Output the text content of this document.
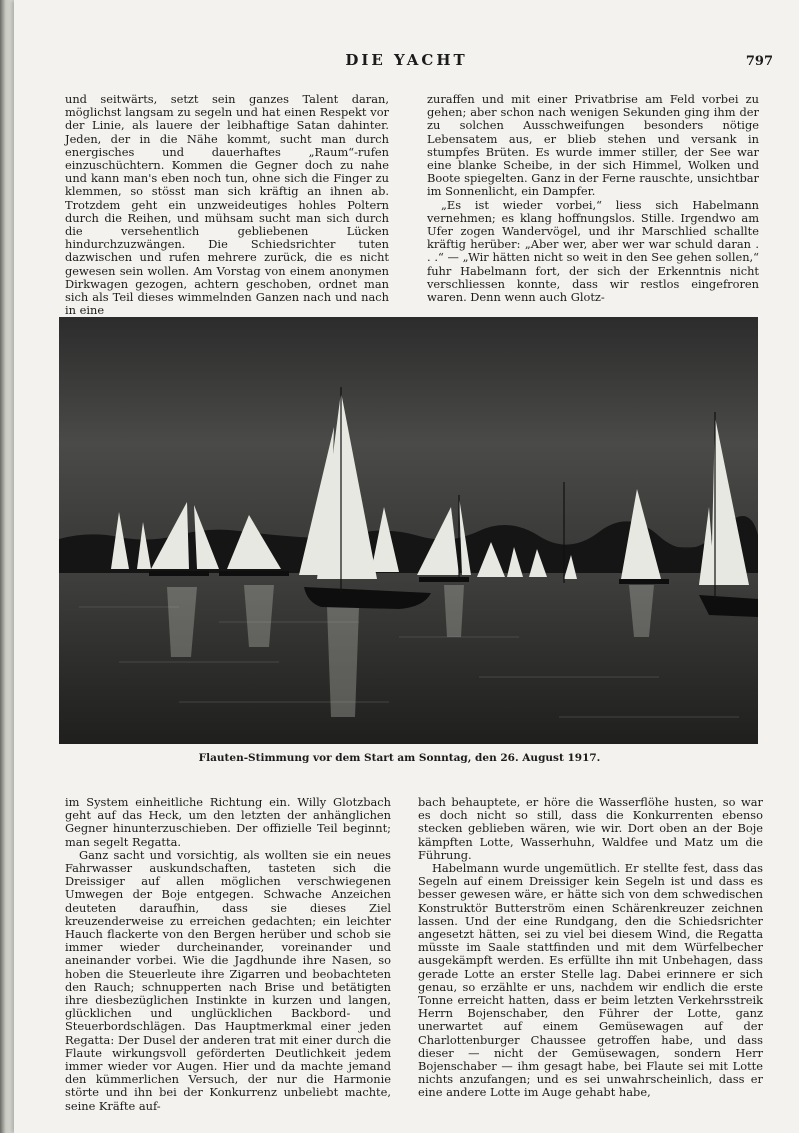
DIE YACHT	797

und seitwärts, setzt sein ganzes Talent daran, möglichst langsam zu segeln und hat einen Respekt vor der Linie, als lauere der leibhaftige Satan dahinter. Jeden, der in die Nähe kommt, sucht man durch energisches und dauerhaftes „Raum“-rufen einzuschüchtern. Kommen die Gegner doch zu nahe und kann man's eben noch tun, ohne sich die Finger zu klemmen, so stösst man sich kräftig an ihnen ab. Trotzdem geht ein unzweideutiges hohles Poltern durch die Reihen, und mühsam sucht man sich durch die versehentlich gebliebenen Lücken hindurchzuzwängen. Die Schiedsrichter tuten dazwischen und rufen mehrere zurück, die es nicht gewesen sein wollen. Am Vorstag von einem anonymen Dirkwagen gezogen, achtern geschoben, ordnet man sich als Teil dieses wimmelnden Ganzen nach und nach in eine

zuraffen und mit einer Privatbrise am Feld vorbei zu gehen; aber schon nach wenigen Sekunden ging ihm der zu solchen Ausschweifungen besonders nötige Lebensatem aus, er blieb stehen und versank in stumpfes Brüten. Es wurde immer stiller, der See war eine blanke Scheibe, in der sich Himmel, Wolken und Boote spiegelten. Ganz in der Ferne rauschte, unsichtbar im Sonnenlicht, ein Dampfer.

„Es ist wieder vorbei,“ liess sich Habelmann vernehmen; es klang hoffnungslos. Stille. Irgendwo am Ufer zogen Wandervögel, und ihr Marschlied schallte kräftig herüber: „Aber wer, aber wer war schuld daran . . .“ — „Wir hätten nicht so weit in den See gehen sollen,“ fuhr Habelmann fort, der sich der Erkenntnis nicht verschliessen konnte, dass wir restlos eingefroren waren. Denn wenn auch Glotz-

Flauten-Stimmung vor dem Start am Sonntag, den 26. August 1917.

im System einheitliche Richtung ein. Willy Glotzbach geht auf das Heck, um den letzten der anhänglichen Gegner hinunterzuschieben. Der offizielle Teil beginnt; man segelt Regatta.

Ganz sacht und vorsichtig, als wollten sie ein neues Fahrwasser auskundschaften, tasteten sich die Dreissiger auf allen möglichen verschwiegenen Umwegen der Boje entgegen. Schwache Anzeichen deuteten daraufhin, dass sie dieses Ziel kreuzenderweise zu erreichen gedachten; ein leichter Hauch flackerte von den Bergen herüber und schob sie immer wieder durcheinander, voreinander und aneinander vorbei. Wie die Jagdhunde ihre Nasen, so hoben die Steuerleute ihre Zigarren und beobachteten den Rauch; schnupperten nach Brise und betätigten ihre diesbezüglichen Instinkte in kurzen und langen, glücklichen und unglücklichen Backbord- und Steuerbordschlägen. Das Hauptmerkmal einer jeden Regatta: Der Dusel der anderen trat mit einer durch die Flaute wirkungsvoll geförderten Deutlichkeit jedem immer wieder vor Augen. Hier und da machte jemand den kümmerlichen Versuch, der nur die Harmonie störte und ihn bei der Konkurrenz unbeliebt machte, seine Kräfte auf-

bach behauptete, er höre die Wasserflöhe husten, so war es doch nicht so still, dass die Konkurrenten ebenso stecken geblieben wären, wie wir. Dort oben an der Boje kämpften Lotte, Wasserhuhn, Waldfee und Matz um die Führung.

Habelmann wurde ungemütlich. Er stellte fest, dass das Segeln auf einem Dreissiger kein Segeln ist und dass es besser gewesen wäre, er hätte sich von dem schwedischen Konstruktör Butterström einen Schärenkreuzer zeichnen lassen. Und der eine Rundgang, den die Schiedsrichter angesetzt hätten, sei zu viel bei diesem Wind, die Regatta müsste im Saale stattfinden und mit dem Würfelbecher ausgekämpft werden. Es erfüllte ihn mit Unbehagen, dass gerade Lotte an erster Stelle lag. Dabei erinnere er sich genau, so erzählte er uns, nachdem wir endlich die erste Tonne erreicht hatten, dass er beim letzten Verkehrsstreik Herrn Bojenschaber, den Führer der Lotte, ganz unerwartet auf einem Gemüsewagen auf der Charlottenburger Chaussee getroffen habe, und dass dieser — nicht der Gemüsewagen, sondern Herr Bojenschaber — ihm gesagt habe, bei Flaute sei mit Lotte nichts anzufangen; und es sei unwahrscheinlich, dass er eine andere Lotte im Auge gehabt habe,
